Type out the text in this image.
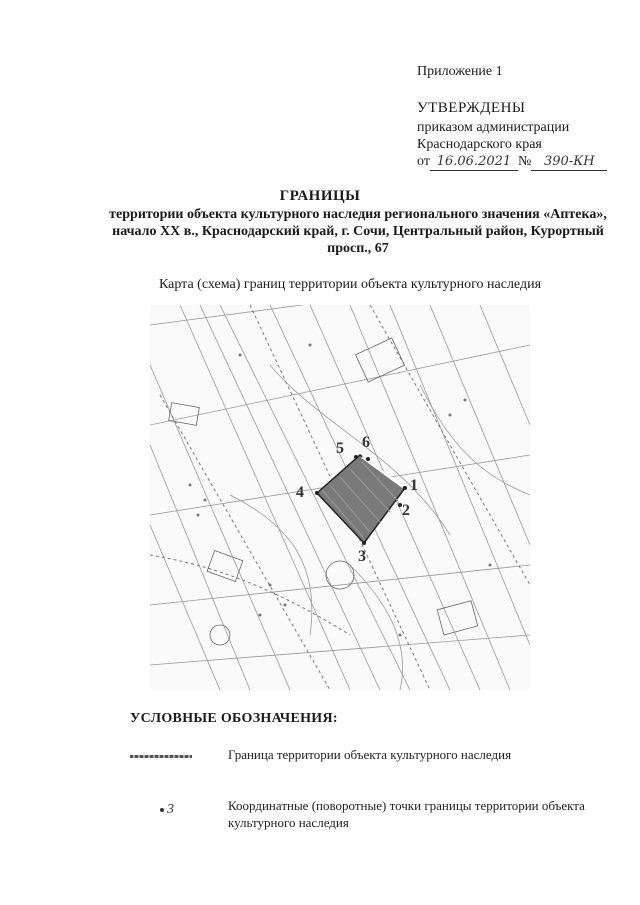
Приложение 1
УТВЕРЖДЕНЫ
приказом администрации
Краснодарского края
от 16.06.2021 № 390-КН
ГРАНИЦЫ
территории объекта культурного наследия регионального значения «Аптека», начало XX в., Краснодарский край, г. Сочи, Центральный район, Курортный просп., 67
Карта (схема) границ территории объекта культурного наследия
1
2
3
4
5 6
УСЛОВНЫЕ ОБОЗНАЧЕНИЯ:
Граница территории объекта культурного наследия
3	Координатные (поворотные) точки границы территории объекта культурного наследия
